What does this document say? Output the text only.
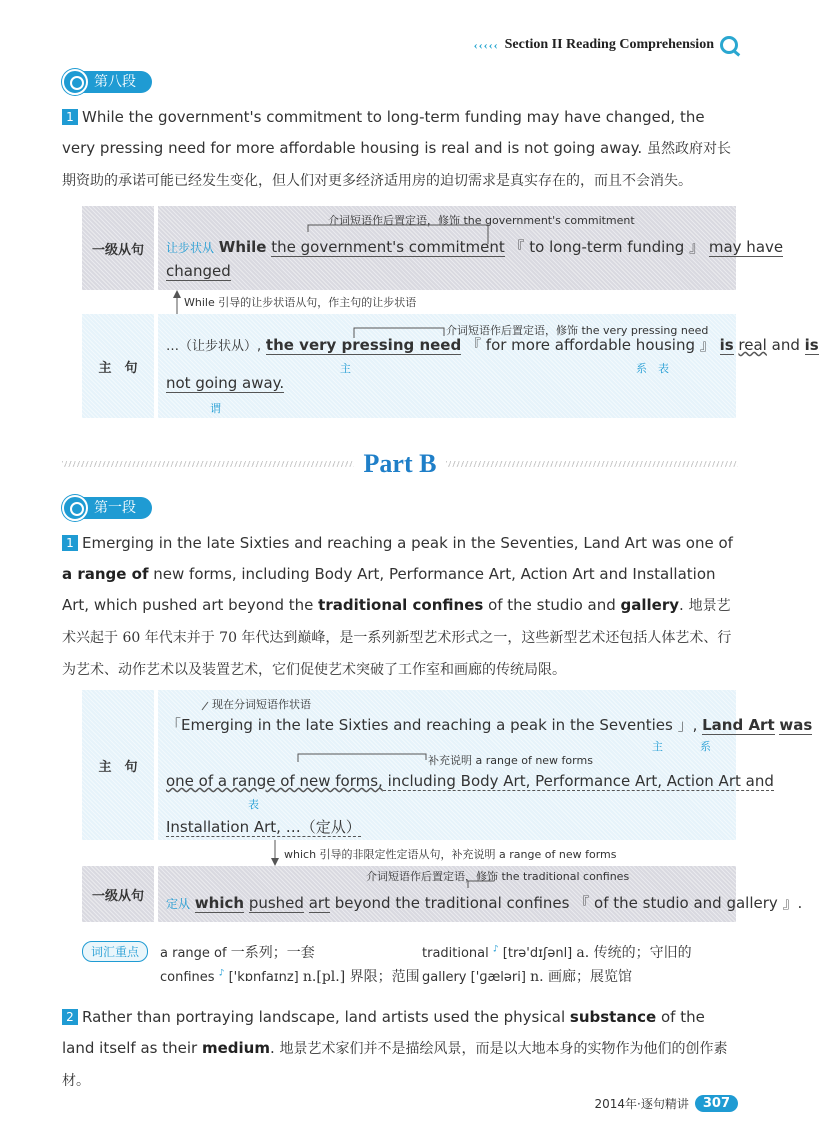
‹‹‹‹‹ Section II Reading Comprehension
第八段
1 While the government's commitment to long-term funding may have changed, the very pressing need for more affordable housing is real and is not going away. 虽然政府对长期资助的承诺可能已经发生变化，但人们对更多经济适用房的迫切需求是真实存在的，而且不会消失。
一级从句
介词短语作后置定语，修饰 the government's commitment
让步状从 While the government's commitment 『 to long-term funding 』 may have
changed
While 引导的让步状语从句，作主句的让步状语
主　句
介词短语作后置定语，修饰 the very pressing need
…（让步状从）, the very pressing need 『 for more affordable housing 』 is real and is
主	系 表
not going away.
谓
Part B
第一段
1 Emerging in the late Sixties and reaching a peak in the Seventies, Land Art was one of a range of new forms, including Body Art, Performance Art, Action Art and Installation Art, which pushed art beyond the traditional confines of the studio and gallery. 地景艺术兴起于 60 年代末并于 70 年代达到巅峰，是一系列新型艺术形式之一，这些新型艺术还包括人体艺术、行为艺术、动作艺术以及装置艺术，它们促使艺术突破了工作室和画廊的传统局限。
主　句
现在分词短语作状语
「Emerging in the late Sixties and reaching a peak in the Seventies 」, Land Art was
主	系
补充说明 a range of new forms
one of a range of new forms, including Body Art, Performance Art, Action Art and
表
Installation Art, …（定从）
which 引导的非限定性定语从句，补充说明 a range of new forms
一级从句
介词短语作后置定语，修饰 the traditional confines
定从 which pushed art beyond the traditional confines 『 of the studio and gallery 』.
词汇重点	a range of 一系列；一套	traditional ♪ [trə'dɪʃənl] a. 传统的；守旧的
confines ♪ ['kɒnfaɪnz] n.[pl.] 界限；范围 gallery ['ɡæləri] n. 画廊；展览馆
2 Rather than portraying landscape, land artists used the physical substance of the land itself as their medium. 地景艺术家们并不是描绘风景，而是以大地本身的实物作为他们的创作素材。
2014年·逐句精讲	307
